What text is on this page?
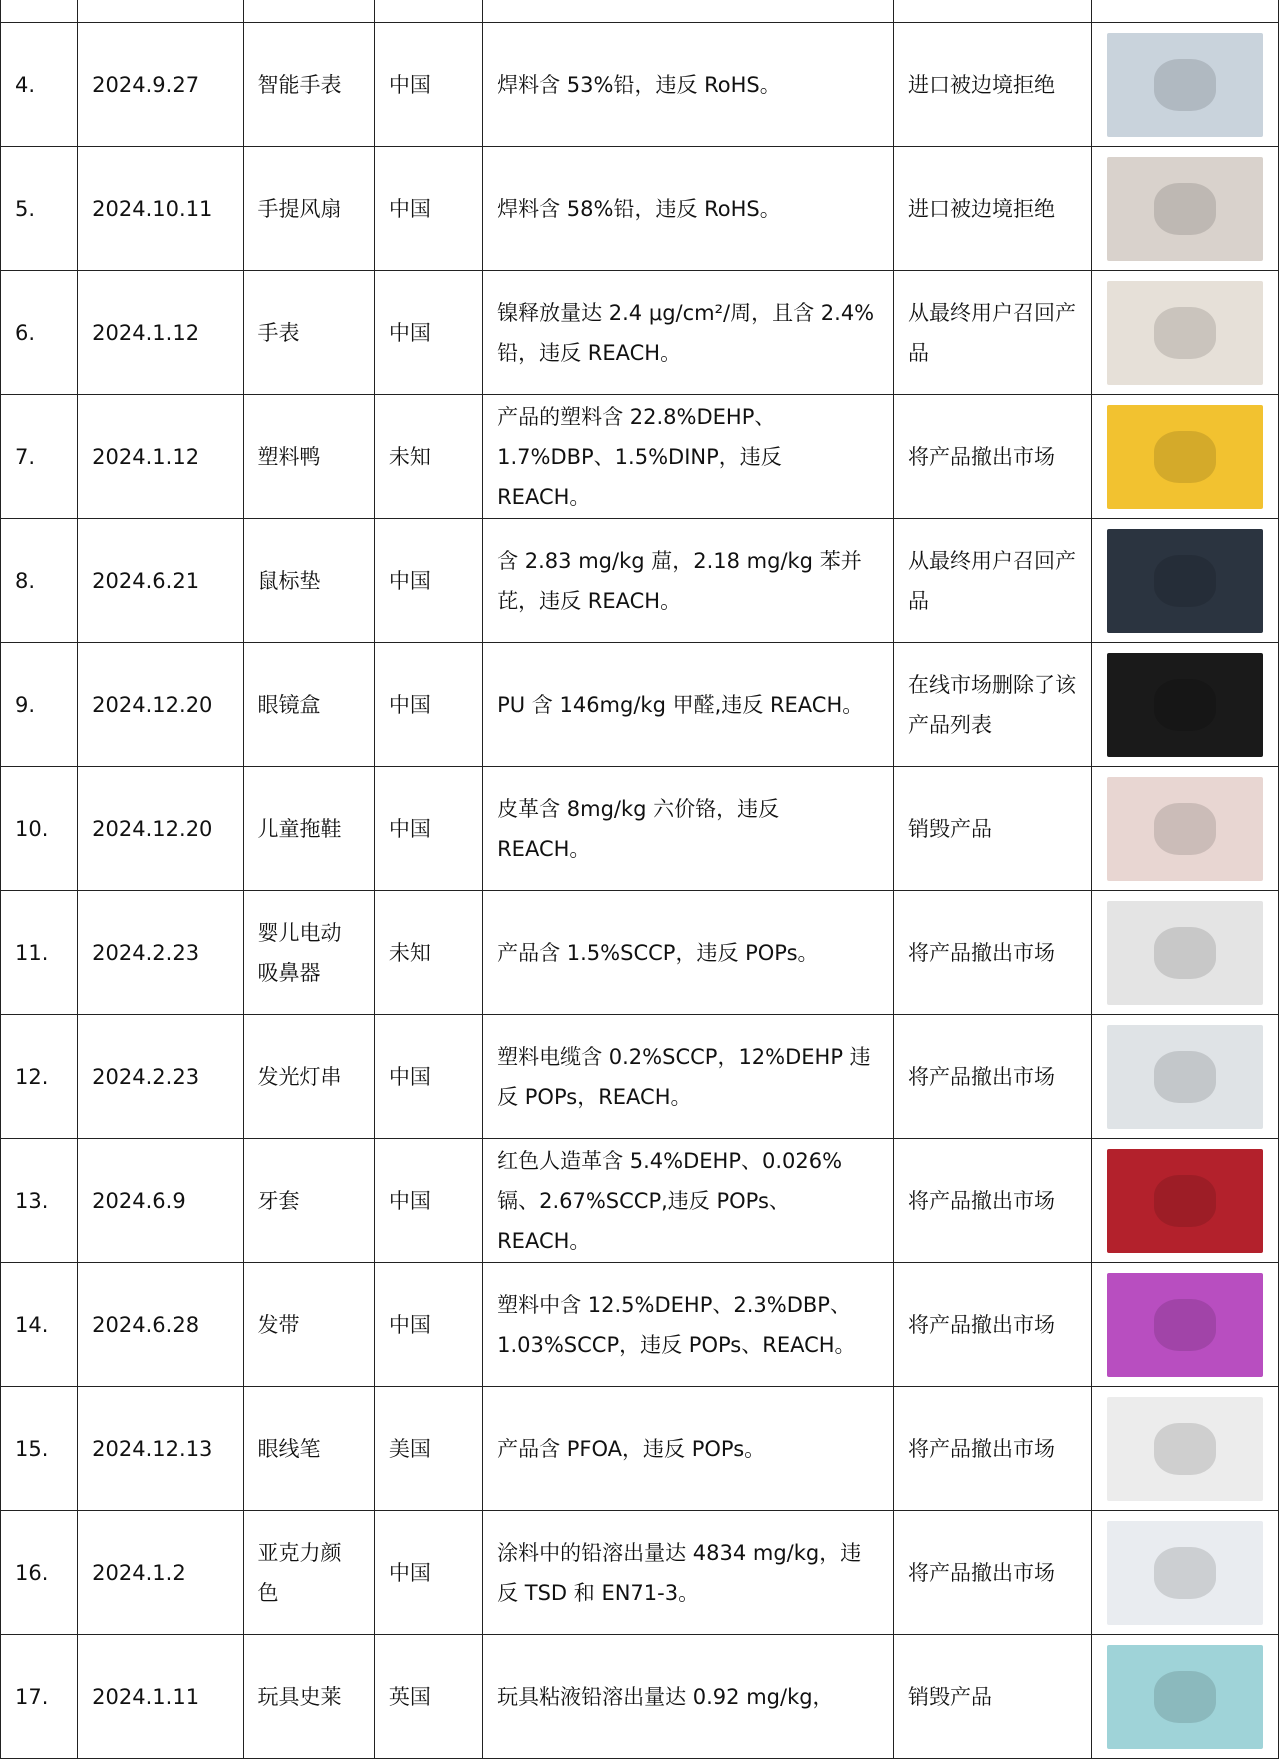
4.	2024.9.27	智能手表	中国	焊料含 53%铅，违反 RoHS。	进口被边境拒绝	

5.	2024.10.11	手提风扇	中国	焊料含 58%铅，违反 RoHS。	进口被边境拒绝	

6.	2024.1.12	手表	中国	镍释放量达 2.4 μg/cm²/周，且含 2.4%铅，违反 REACH。	从最终用户召回产品	

7.	2024.1.12	塑料鸭	未知	产品的塑料含 22.8%DEHP、1.7%DBP、1.5%DINP，违反 REACH。	将产品撤出市场	

8.	2024.6.21	鼠标垫	中国	含 2.83 mg/kg 䓛，2.18 mg/kg 苯并芘，违反 REACH。	从最终用户召回产品	

9.	2024.12.20	眼镜盒	中国	PU 含 146mg/kg 甲醛,违反 REACH。	在线市场删除了该产品列表	

10.	2024.12.20	儿童拖鞋	中国	皮革含 8mg/kg 六价铬，违反 REACH。	销毁产品	

11.	2024.2.23	婴儿电动吸鼻器	未知	产品含 1.5%SCCP，违反 POPs。	将产品撤出市场	

12.	2024.2.23	发光灯串	中国	塑料电缆含 0.2%SCCP，12%DEHP 违反 POPs，REACH。	将产品撤出市场	

13.	2024.6.9	牙套	中国	红色人造革含 5.4%DEHP、0.026%镉、2.67%SCCP,违反 POPs、REACH。	将产品撤出市场	

14.	2024.6.28	发带	中国	塑料中含 12.5%DEHP、2.3%DBP、1.03%SCCP，违反 POPs、REACH。	将产品撤出市场	

15.	2024.12.13	眼线笔	美国	产品含 PFOA，违反 POPs。	将产品撤出市场	

16.	2024.1.2	亚克力颜色	中国	涂料中的铅溶出量达 4834 mg/kg，违反 TSD 和 EN71-3。	将产品撤出市场	

17.	2024.1.11	玩具史莱	英国	玩具粘液铅溶出量达 0.92 mg/kg，	销毁产品	
